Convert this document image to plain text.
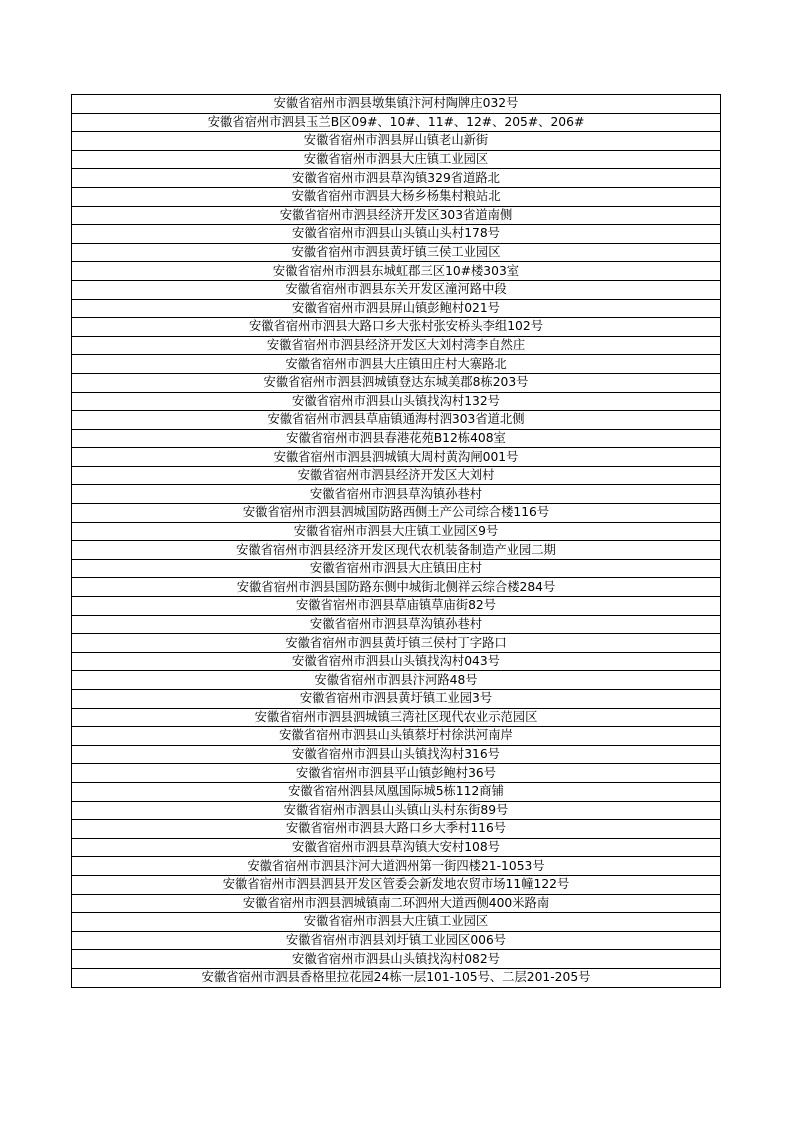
安徽省宿州市泗县墩集镇汴河村陶牌庄032号
安徽省宿州市泗县玉兰B区09#、10#、11#、12#、205#、206#
安徽省宿州市泗县屏山镇老山新街
安徽省宿州市泗县大庄镇工业园区
安徽省宿州市泗县草沟镇329省道路北
安徽省宿州市泗县大杨乡杨集村粮站北
安徽省宿州市泗县经济开发区303省道南侧
安徽省宿州市泗县山头镇山头村178号
安徽省宿州市泗县黄圩镇三侯工业园区
安徽省宿州市泗县东城虹郡三区10#楼303室
安徽省宿州市泗县东关开发区潼河路中段
安徽省宿州市泗县屏山镇彭鲍村021号
安徽省宿州市泗县大路口乡大张村张安桥头李组102号
安徽省宿州市泗县经济开发区大刘村湾李自然庄
安徽省宿州市泗县大庄镇田庄村大寨路北
安徽省宿州市泗县泗城镇登达东城美郡8栋203号
安徽省宿州市泗县山头镇找沟村132号
安徽省宿州市泗县草庙镇通海村泗303省道北侧
安徽省宿州市泗县春港花苑B12栋408室
安徽省宿州市泗县泗城镇大周村黄沟闸001号
安徽省宿州市泗县经济开发区大刘村
安徽省宿州市泗县草沟镇孙巷村
安徽省宿州市泗县泗城国防路西侧土产公司综合楼116号
安徽省宿州市泗县大庄镇工业园区9号
安徽省宿州市泗县经济开发区现代农机装备制造产业园二期
安徽省宿州市泗县大庄镇田庄村
安徽省宿州市泗县国防路东侧中城街北侧祥云综合楼284号
安徽省宿州市泗县草庙镇草庙街82号
安徽省宿州市泗县草沟镇孙巷村
安徽省宿州市泗县黄圩镇三侯村丁字路口
安徽省宿州市泗县山头镇找沟村043号
安徽省宿州市泗县汴河路48号
安徽省宿州市泗县黄圩镇工业园3号
安徽省宿州市泗县泗城镇三湾社区现代农业示范园区
安徽省宿州市泗县山头镇蔡圩村徐洪河南岸
安徽省宿州市泗县山头镇找沟村316号
安徽省宿州市泗县平山镇彭鲍村36号
安徽省宿州泗县凤凰国际城5栋112商铺
安徽省宿州市泗县山头镇山头村东街89号
安徽省宿州市泗县大路口乡大季村116号
安徽省宿州市泗县草沟镇大安村108号
安徽省宿州市泗县汴河大道泗州第一街四楼21-1053号
安徽省宿州市泗县泗县开发区管委会新发地农贸市场11幢122号
安徽省宿州市泗县泗城镇南二环泗州大道西侧400米路南
安徽省宿州市泗县大庄镇工业园区
安徽省宿州市泗县刘圩镇工业园区006号
安徽省宿州市泗县山头镇找沟村082号
安徽省宿州市泗县香格里拉花园24栋一层101-105号、二层201-205号
